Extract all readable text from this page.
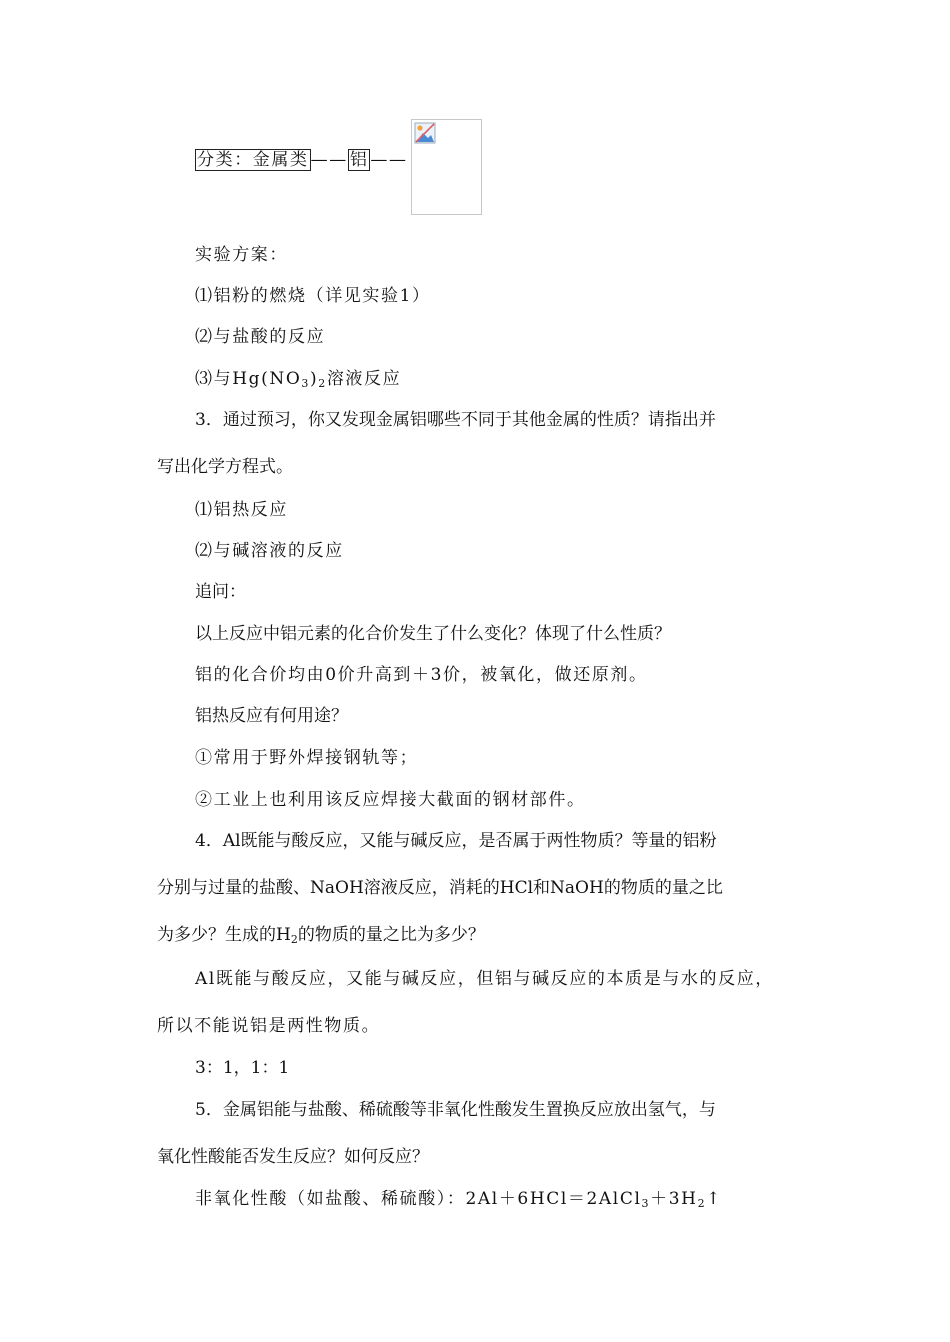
分类：金属类 —— 铝 ——
实验方案：
⑴铝粉的燃烧（详见实验1）
⑵与盐酸的反应
⑶与$Hg(NO_3)_2$溶液反应
3．通过预习，你又发现金属铝哪些不同于其他金属的性质？请指出并
写出化学方程式。
⑴铝热反应
⑵与碱溶液的反应
追问：
以上反应中铝元素的化合价发生了什么变化？体现了什么性质？
铝的化合价均由0价升高到＋3价，被氧化，做还原剂。
铝热反应有何用途？
①常用于野外焊接钢轨等；
②工业上也利用该反应焊接大截面的钢材部件。
4．Al既能与酸反应，又能与碱反应，是否属于两性物质？等量的铝粉
分别与过量的盐酸、NaOH溶液反应，消耗的HCl和NaOH的物质的量之比
为多少？生成的$H_2$的物质的量之比为多少？
Al既能与酸反应，又能与碱反应，但铝与碱反应的本质是与水的反应，
所以不能说铝是两性物质。
3：1，1：1
5．金属铝能与盐酸、稀硫酸等非氧化性酸发生置换反应放出氢气，与
氧化性酸能否发生反应？如何反应？
非氧化性酸（如盐酸、稀硫酸）：$2Al+6HCl=2AlCl_3+3H_2↑$
